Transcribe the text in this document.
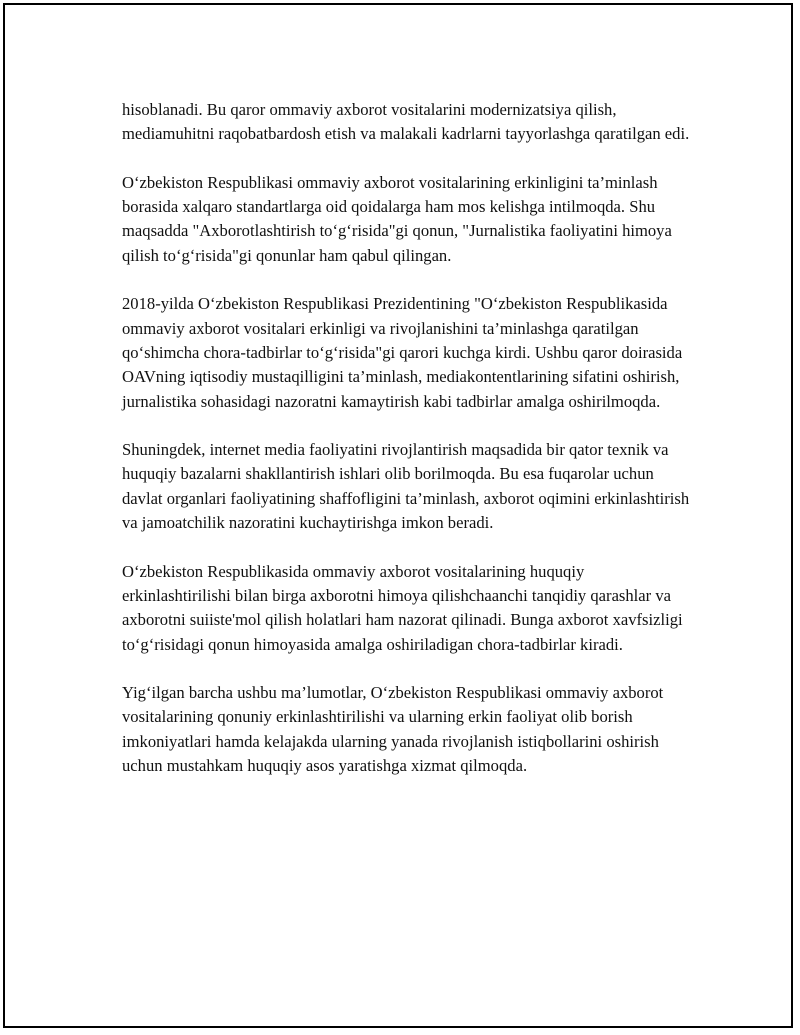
hisoblanadi. Bu qaror ommaviy axborot vositalarini modernizatsiya qilish, mediamuhitni raqobatbardosh etish va malakali kadrlarni tayyorlashga qaratilgan edi.

O‘zbekiston Respublikasi ommaviy axborot vositalarining erkinligini ta’minlash borasida xalqaro standartlarga oid qoidalarga ham mos kelishga intilmoqda. Shu maqsadda "Axborotlashtirish to‘g‘risida"gi qonun, "Jurnalistika faoliyatini himoya qilish to‘g‘risida"gi qonunlar ham qabul qilingan.

2018-yilda O‘zbekiston Respublikasi Prezidentining "O‘zbekiston Respublikasida ommaviy axborot vositalari erkinligi va rivojlanishini ta’minlashga qaratilgan qo‘shimcha chora-tadbirlar to‘g‘risida"gi qarori kuchga kirdi. Ushbu qaror doirasida OAVning iqtisodiy mustaqilligini ta’minlash, mediakontentlarining sifatini oshirish, jurnalistika sohasidagi nazoratni kamaytirish kabi tadbirlar amalga oshirilmoqda.

Shuningdek, internet media faoliyatini rivojlantirish maqsadida bir qator texnik va huquqiy bazalarni shakllantirish ishlari olib borilmoqda. Bu esa fuqarolar uchun davlat organlari faoliyatining shaffofligini ta’minlash, axborot oqimini erkinlashtirish va jamoatchilik nazoratini kuchaytirishga imkon beradi.

O‘zbekiston Respublikasida ommaviy axborot vositalarining huquqiy erkinlashtirilishi bilan birga axborotni himoya qilishchaanchi tanqidiy qarashlar va axborotni suiiste'mol qilish holatlari ham nazorat qilinadi. Bunga axborot xavfsizligi to‘g‘risidagi qonun himoyasida amalga oshiriladigan chora-tadbirlar kiradi.

Yig‘ilgan barcha ushbu ma’lumotlar, O‘zbekiston Respublikasi ommaviy axborot vositalarining qonuniy erkinlashtirilishi va ularning erkin faoliyat olib borish imkoniyatlari hamda kelajakda ularning yanada rivojlanish istiqbollarini oshirish uchun mustahkam huquqiy asos yaratishga xizmat qilmoqda.
